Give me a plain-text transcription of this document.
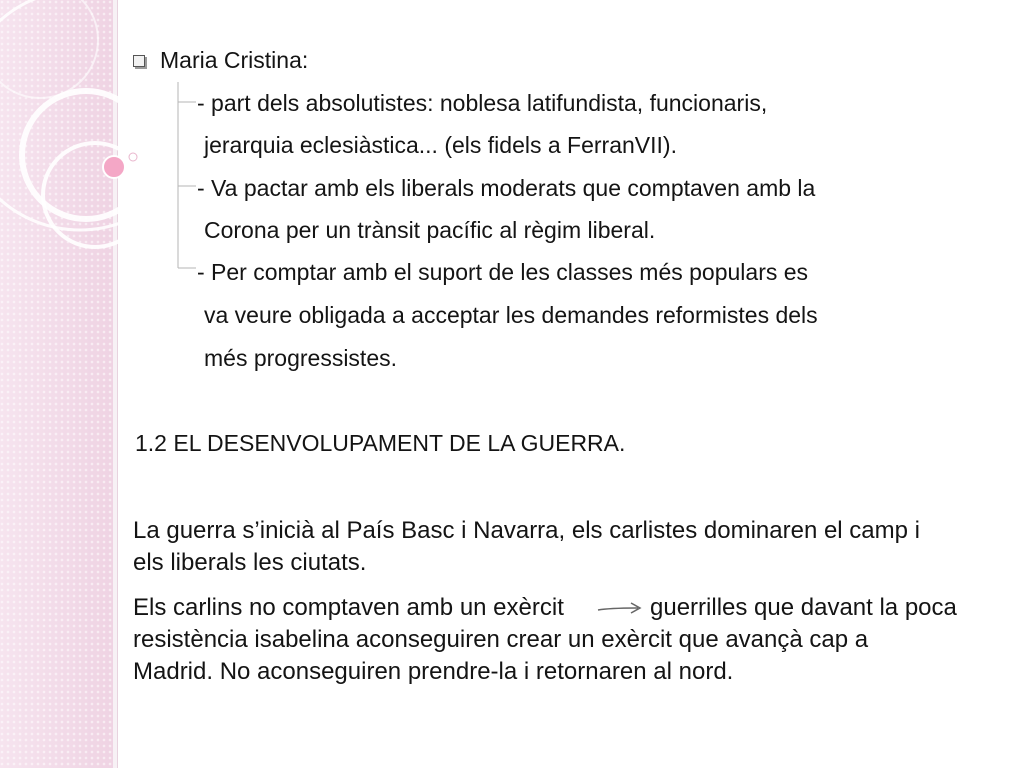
Maria Cristina:
- part dels absolutistes: noblesa latifundista, funcionaris,
jerarquia eclesiàstica... (els fidels a FerranVII).
- Va pactar amb els liberals moderats que comptaven amb la
Corona per un trànsit pacífic al règim liberal.
- Per comptar amb el suport de les classes més populars es
va veure obligada a acceptar les demandes reformistes dels
més progressistes.
1.2 EL DESENVOLUPAMENT DE LA GUERRA.
La guerra s’inicià al País Basc i Navarra, els carlistes dominaren el camp i
els liberals les ciutats.
Els carlins no comptaven amb un exèrcit	guerrilles que davant la poca
resistència isabelina aconseguiren crear un exèrcit que avançà cap a
Madrid. No aconseguiren prendre-la i retornaren al nord.
